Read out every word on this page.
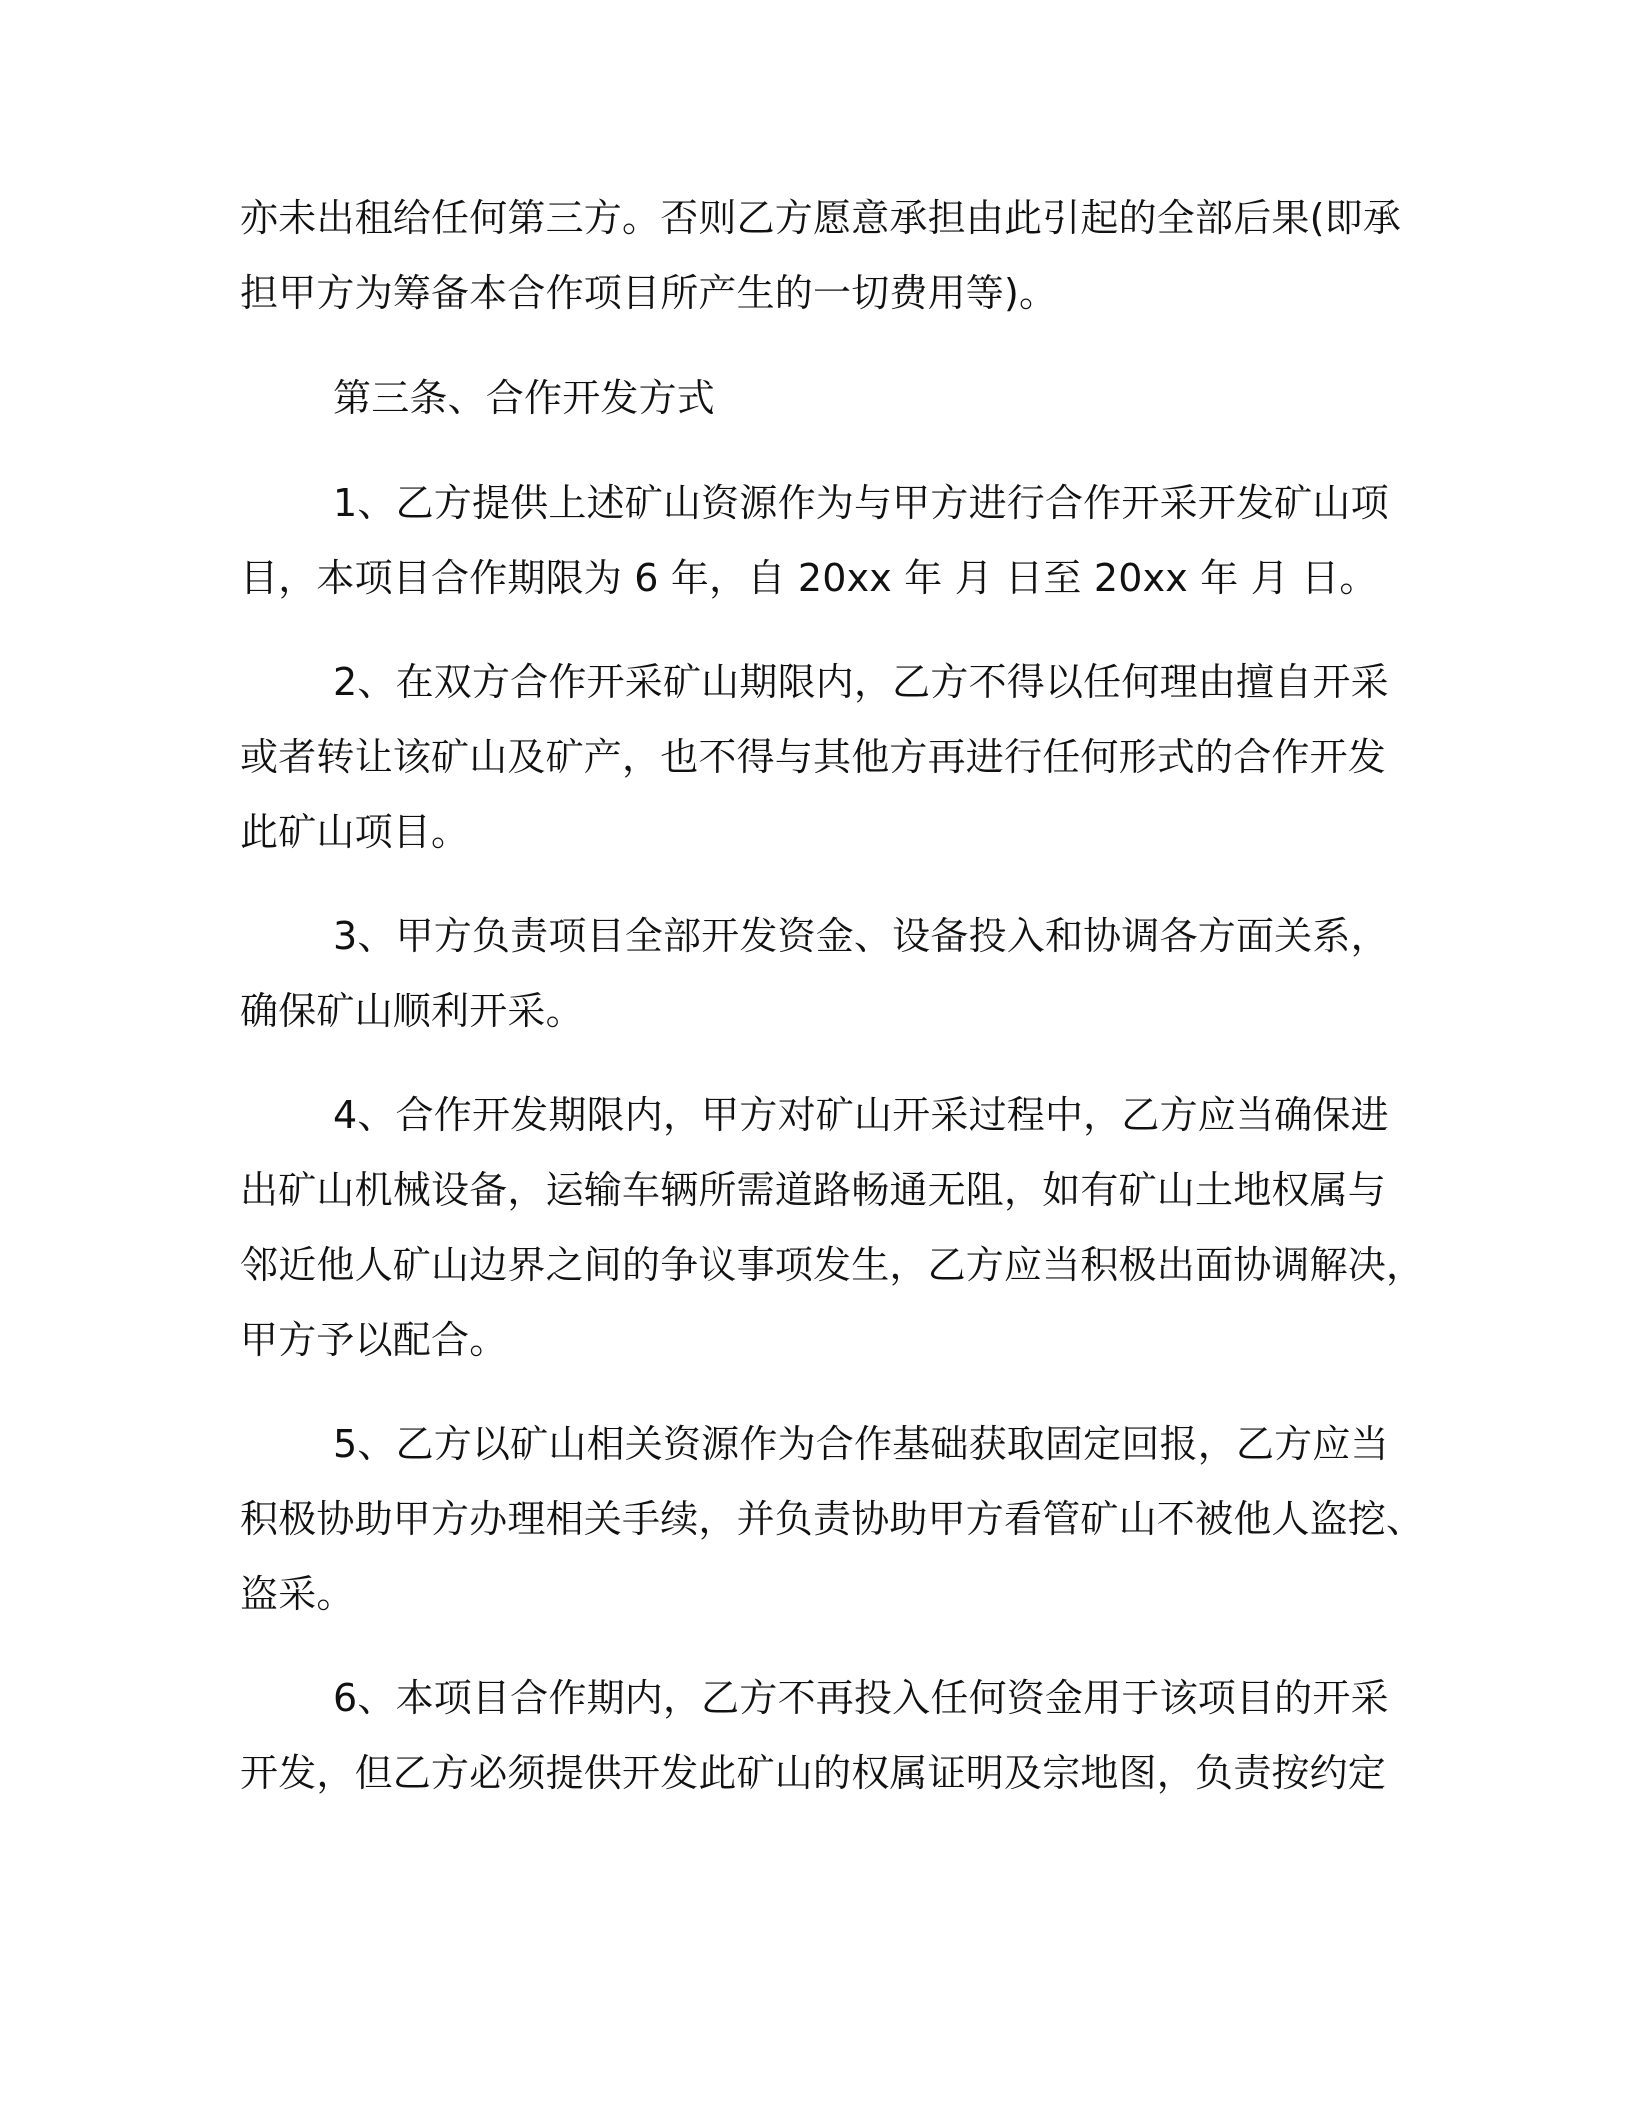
亦未出租给任何第三方。否则乙方愿意承担由此引起的全部后果(即承
担甲方为筹备本合作项目所产生的一切费用等)。
第三条、合作开发方式
1、乙方提供上述矿山资源作为与甲方进行合作开采开发矿山项
目，本项目合作期限为 6 年，自 20xx 年 月 日至 20xx 年 月 日。
2、在双方合作开采矿山期限内，乙方不得以任何理由擅自开采
或者转让该矿山及矿产，也不得与其他方再进行任何形式的合作开发
此矿山项目。
3、甲方负责项目全部开发资金、设备投入和协调各方面关系，
确保矿山顺利开采。
4、合作开发期限内，甲方对矿山开采过程中，乙方应当确保进
出矿山机械设备，运输车辆所需道路畅通无阻，如有矿山土地权属与
邻近他人矿山边界之间的争议事项发生，乙方应当积极出面协调解决，
甲方予以配合。
5、乙方以矿山相关资源作为合作基础获取固定回报，乙方应当
积极协助甲方办理相关手续，并负责协助甲方看管矿山不被他人盗挖、
盗采。
6、本项目合作期内，乙方不再投入任何资金用于该项目的开采
开发，但乙方必须提供开发此矿山的权属证明及宗地图，负责按约定
